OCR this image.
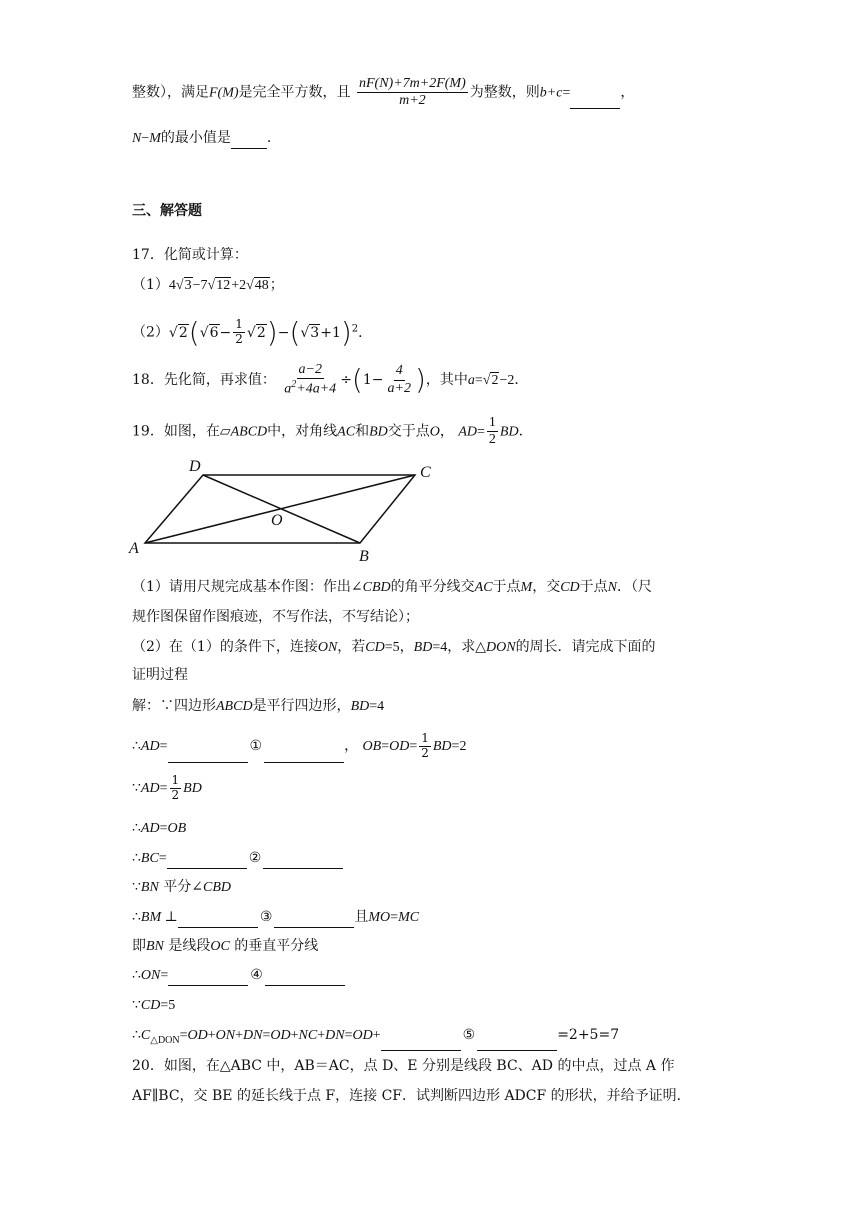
整数），满足F(M)是完全平方数，且 $\frac{nF(N)+7m+2F(M)}{m+2}$ 为整数，则b+c=	，
N−M的最小值是	.
三、解答题
17．化简或计算：
（1）4√3−7√12+2√48；
$(2)√2(√6- \frac{1}{2} √2)-(√3+1)^2$．
18．先化简，再求值： $\frac{a-2}{a^2+4a+4} \div(1- \frac{4}{a+2}$ )，其中a=√2−2．
19．如图，在▱ABCD中，对角线AC和BD交于点O， $AD= \frac{1}{2}$ BD．
A	B
C
D
O
（1）请用尺规完成基本作图：作出∠CBD的角平分线交AC于点M，交CD于点N．（尺
规作图保留作图痕迹，不写作法，不写结论）；
（2）在（1）的条件下，连接ON，若CD=5，BD=4，求△DON的周长．请完成下面的
证明过程
解：∵四边形ABCD是平行四边形，BD=4
∴AD=	①	， $OB=OD= \frac{1}{2} BD=2$
∵AD= $\frac{1}{2}$ BD
∴AD=OB
∴BC=	②
∵BN 平分∠CBD
∴BM ⊥	③	且MO=MC
即BN 是线段OC 的垂直平分线
∴ON=	④
∵CD=5
$\therefore C_{\triangle DON}=OD+ON+DN=OD+NC+DN=OD+$	⑤	=2+5=7
20．如图，在△ABC 中，AB＝AC，点 D、E 分别是线段 BC、AD 的中点，过点 A 作
AF∥BC，交 BE 的延长线于点 F，连接 CF．试判断四边形 ADCF 的形状，并给予证明．
